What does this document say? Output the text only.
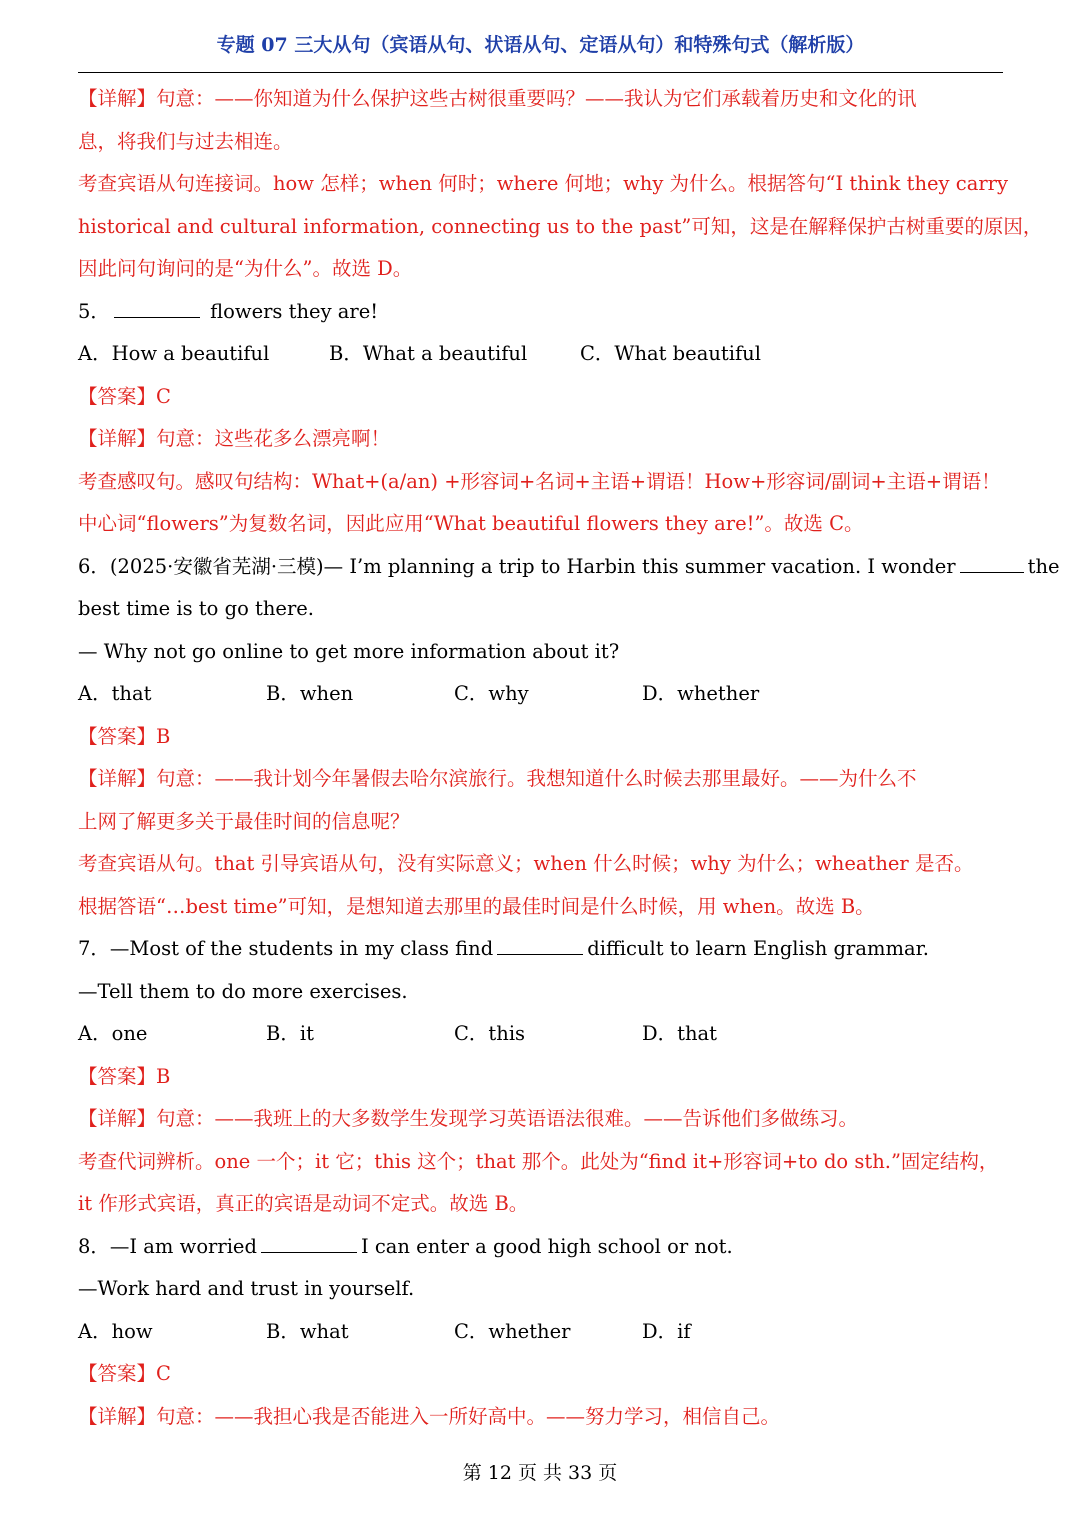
专题 07 三大从句（宾语从句、状语从句、定语从句）和特殊句式（解析版）
【详解】句意：——你知道为什么保护这些古树很重要吗？——我认为它们承载着历史和文化的讯
息，将我们与过去相连。
考查宾语从句连接词。how 怎样；when 何时；where 何地；why 为什么。根据答句“I think they carry
historical and cultural information, connecting us to the past”可知，这是在解释保护古树重要的原因，
因此问句询问的是“为什么”。故选 D。
5．	flowers they are!
A．How a beautiful	B．What a beautiful	C．What beautiful
【答案】C
【详解】句意：这些花多么漂亮啊！
考查感叹句。感叹句结构：What+(a/an) +形容词+名词+主语+谓语！How+形容词/副词+主语+谓语！
中心词“flowers”为复数名词，因此应用“What beautiful flowers they are!”。故选 C。
6．(2025·安徽省芜湖·三模)— I’m planning a trip to Harbin this summer vacation. I wonder	the
best time is to go there.
— Why not go online to get more information about it?
A．that	B．when	C．why	D．whether
【答案】B
【详解】句意：——我计划今年暑假去哈尔滨旅行。我想知道什么时候去那里最好。——为什么不
上网了解更多关于最佳时间的信息呢？
考查宾语从句。that 引导宾语从句，没有实际意义；when 什么时候；why 为什么；wheather 是否。
根据答语“…best time”可知，是想知道去那里的最佳时间是什么时候，用 when。故选 B。
7．—Most of the students in my class find	difficult to learn English grammar.
—Tell them to do more exercises.
A．one	B．it	C．this	D．that
【答案】B
【详解】句意：——我班上的大多数学生发现学习英语语法很难。——告诉他们多做练习。
考查代词辨析。one 一个；it 它；this 这个；that 那个。此处为“find it+形容词+to do sth.”固定结构，
it 作形式宾语，真正的宾语是动词不定式。故选 B。
8．—I am worried	I can enter a good high school or not.
—Work hard and trust in yourself.
A．how	B．what	C．whether	D．if
【答案】C
【详解】句意：——我担心我是否能进入一所好高中。——努力学习，相信自己。
第 12 页 共 33 页
